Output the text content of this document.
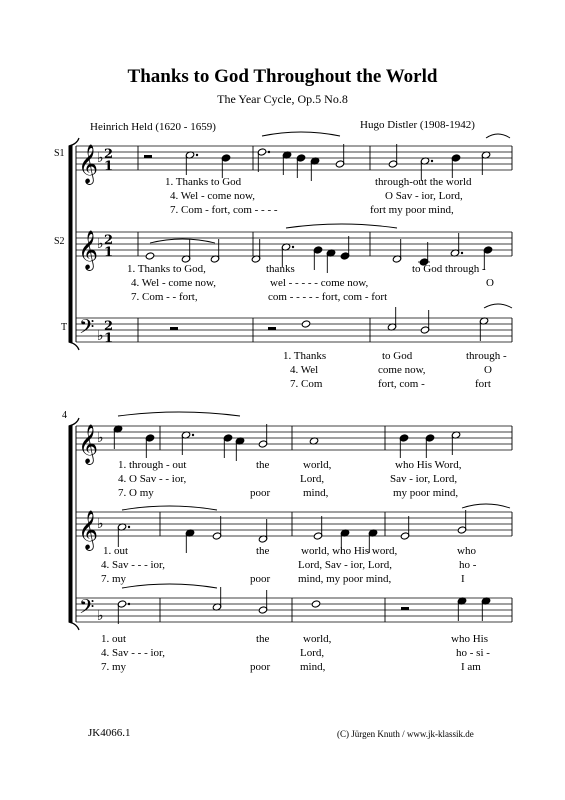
Thanks to God Throughout the World
The Year Cycle, Op.5 No.8
Heinrich Held (1620 - 1659)	Hugo Distler (1908-1942)
S1
S2
T
4
𝄞
♭ 2
1
𝄞
♭ 2
1
𝄢 ♭
2
1
𝄞
♭
𝄞
♭
𝄢 ♭
1. Thanks to God	through-out the world
4. Wel - come now,	O Sav - ior, Lord,
7. Com - fort, com - - - -	fort my poor mind,
1. Thanks to God,	thanks	to God through -
4. Wel - come now,	wel - - - - - come now,	O
7. Com - - fort,	com - - - - - fort, com - fort
1. Thanks	to God	through -
4. Wel	come now,	O
7. Com	fort, com -	fort
1. through - out	the	world,	who His Word,
4. O Sav - - ior,	Lord,	Sav - ior, Lord,
7. O my	poor	mind,	my poor mind,
1. out	the	world, who His word,	who
4. Sav - - - ior,	Lord, Sav - ior, Lord,	ho -
7. my	poor	mind, my poor mind,	I
1. out	the	world,	who His
4. Sav - - - ior,	Lord,	ho - si -
7. my	poor	mind,	I am
JK4066.1	(C) Jürgen Knuth / www.jk-klassik.de
